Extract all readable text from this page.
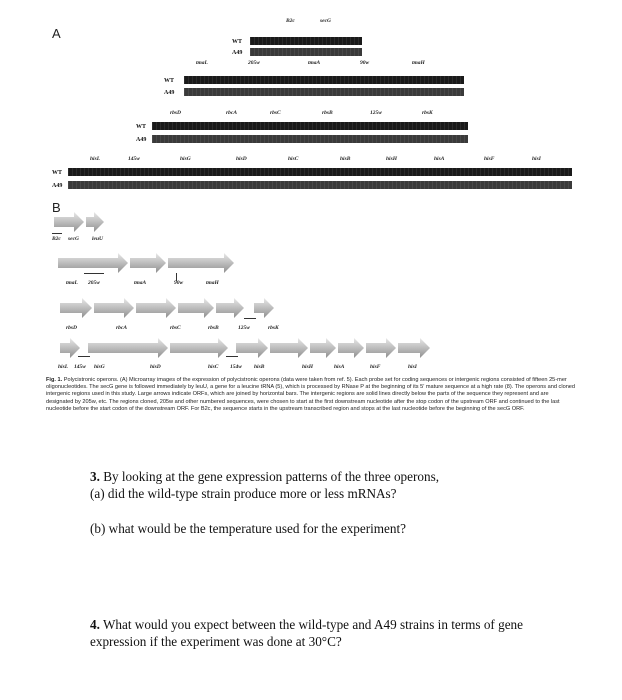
A
B2c	secG
WT
A49
tmaL	205w	tmaA	90w	tmaH
WT
A49
rbsD	rbcA	rbsC	rbsB	125w	rbsK
WT
A49
hisL	145w	hisG	hisD	hisC	hisB	hisH	hisA	hisF	hisI
WT
A49
B
B2c secG leuU
tmaL 205w	tmaA	90w	tmaH
rbsD	rbcA	rbsC	rbsB	125w	rbsK
hisL 145w hisG	hisD	hisC 154w hisB	hisH	hisA	hisF	hisI
Fig. 1. Polycistronic operons. (A) Microarray images of the expression of polycistronic operons (data were taken from ref. 5). Each probe set for coding sequences or intergenic regions consisted of fifteen 25-mer oligonucleotides. The secG gene is followed immediately by leuU, a gene for a leucine tRNA (5), which is processed by RNase P at the beginning of its 5′ mature sequence at a high rate (8). The operons and cloned intergenic regions used in this study. Large arrows indicate ORFs, which are joined by horizontal bars. The intergenic regions are solid lines directly below the parts of the sequence they represent and are designated by 205w, etc. The regions cloned, 205w and other numbered sequences, were chosen to start at the first downstream nucleotide after the stop codon of the upstream ORF and continued to the last nucleotide before the start codon of the downstream ORF. For B2c, the sequence starts in the upstream transcribed region and stops at the last nucleotide before the beginning of the secG ORF.
3. By looking at the gene expression patterns of the three operons,
(a) did the wild-type strain produce more or less mRNAs?
(b) what would be the temperature used for the experiment?
4. What would you expect between the wild-type and A49 strains in terms of gene
expression if the experiment was done at 30°C?
